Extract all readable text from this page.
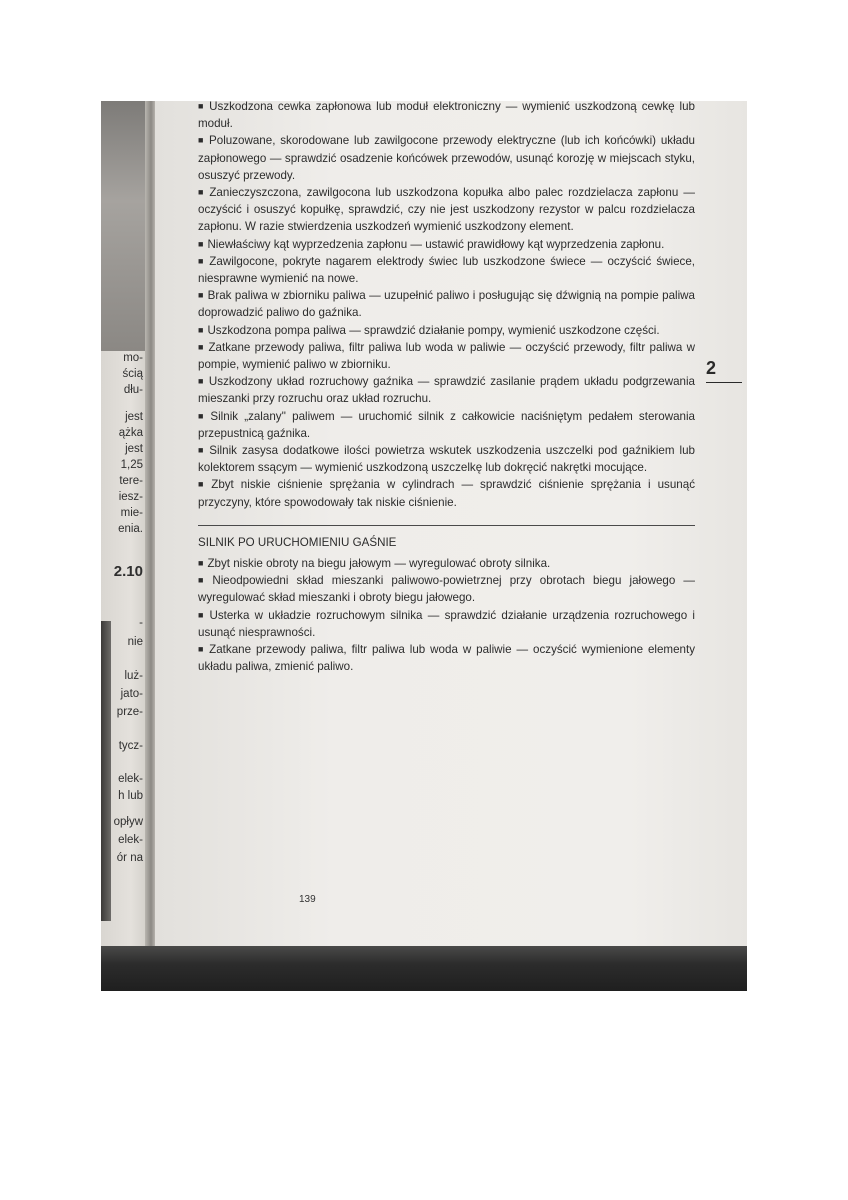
mo-
ścią
dłu-
jest
ążka
jest
1,25
tere-
iesz-
mie-
enia.
2.10
-
nie
luż-
jato-
prze-
tycz-
elek-
h lub
opływ
elek-
ór na
2

■ Uszkodzona cewka zapłonowa lub moduł elektroniczny — wymienić uszkodzoną cewkę lub moduł.

■ Poluzowane, skorodowane lub zawilgocone przewody elektryczne (lub ich końcówki) układu zapłonowego — sprawdzić osadzenie końcówek przewodów, usunąć korozję w miejscach styku, osuszyć przewody.

■ Zanieczyszczona, zawilgocona lub uszkodzona kopułka albo palec rozdzielacza zapłonu — oczyścić i osuszyć kopułkę, sprawdzić, czy nie jest uszkodzony rezystor w palcu rozdzielacza zapłonu. W razie stwierdzenia uszkodzeń wymienić uszkodzony element.

■ Niewłaściwy kąt wyprzedzenia zapłonu — ustawić prawidłowy kąt wyprzedzenia zapłonu.

■ Zawilgocone, pokryte nagarem elektrody świec lub uszkodzone świece — oczyścić świece, niesprawne wymienić na nowe.

■ Brak paliwa w zbiorniku paliwa — uzupełnić paliwo i posługując się dźwignią na pompie paliwa doprowadzić paliwo do gaźnika.

■ Uszkodzona pompa paliwa — sprawdzić działanie pompy, wymienić uszkodzone części.

■ Zatkane przewody paliwa, filtr paliwa lub woda w paliwie — oczyścić przewody, filtr paliwa w pompie, wymienić paliwo w zbiorniku.

■ Uszkodzony układ rozruchowy gaźnika — sprawdzić zasilanie prądem układu podgrzewania mieszanki przy rozruchu oraz układ rozruchu.

■ Silnik „zalany'' paliwem — uruchomić silnik z całkowicie naciśniętym pedałem sterowania przepustnicą gaźnika.

■ Silnik zasysa dodatkowe ilości powietrza wskutek uszkodzenia uszczelki pod gaźnikiem lub kolektorem ssącym — wymienić uszkodzoną uszczelkę lub dokręcić nakrętki mocujące.

■ Zbyt niskie ciśnienie sprężania w cylindrach — sprawdzić ciśnienie sprężania i usunąć przyczyny, które spowodowały tak niskie ciśnienie.

SILNIK PO URUCHOMIENIU GAŚNIE

■ Zbyt niskie obroty na biegu jałowym — wyregulować obroty silnika.

■ Nieodpowiedni skład mieszanki paliwowo-powietrznej przy obrotach biegu jałowego — wyregulować skład mieszanki i obroty biegu jałowego.

■ Usterka w układzie rozruchowym silnika — sprawdzić działanie urządzenia rozruchowego i usunąć niesprawności.

■ Zatkane przewody paliwa, filtr paliwa lub woda w paliwie — oczyścić wymienione elementy układu paliwa, zmienić paliwo.

139
